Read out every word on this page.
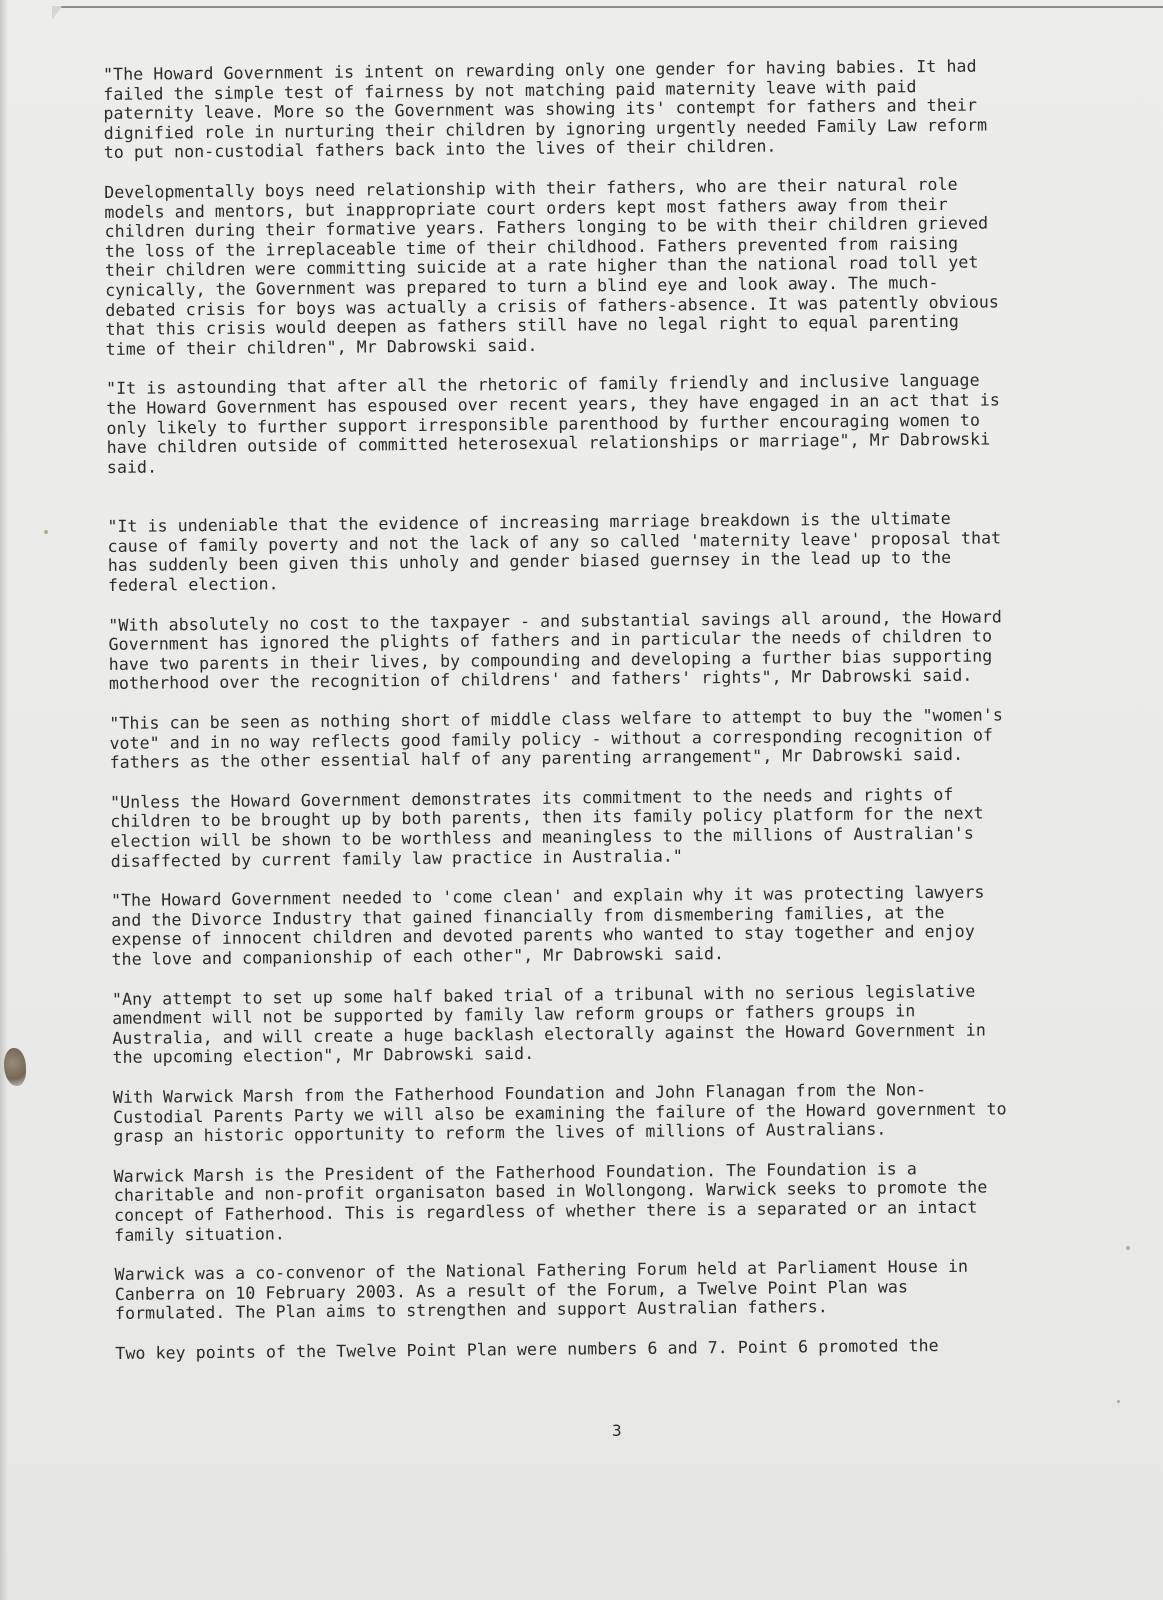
"The Howard Government is intent on rewarding only one gender for having babies. It had
failed the simple test of fairness by not matching paid maternity leave with paid
paternity leave. More so the Government was showing its' contempt for fathers and their
dignified role in nurturing their children by ignoring urgently needed Family Law reform
to put non-custodial fathers back into the lives of their children.

Developmentally boys need relationship with their fathers, who are their natural role
models and mentors, but inappropriate court orders kept most fathers away from their
children during their formative years. Fathers longing to be with their children grieved
the loss of the irreplaceable time of their childhood. Fathers prevented from raising
their children were committing suicide at a rate higher than the national road toll yet
cynically, the Government was prepared to turn a blind eye and look away. The much-
debated crisis for boys was actually a crisis of fathers-absence. It was patently obvious
that this crisis would deepen as fathers still have no legal right to equal parenting
time of their children", Mr Dabrowski said.

"It is astounding that after all the rhetoric of family friendly and inclusive language
the Howard Government has espoused over recent years, they have engaged in an act that is
only likely to further support irresponsible parenthood by further encouraging women to
have children outside of committed heterosexual relationships or marriage", Mr Dabrowski
said.

"It is undeniable that the evidence of increasing marriage breakdown is the ultimate
cause of family poverty and not the lack of any so called 'maternity leave' proposal that
has suddenly been given this unholy and gender biased guernsey in the lead up to the
federal election.

"With absolutely no cost to the taxpayer - and substantial savings all around, the Howard
Government has ignored the plights of fathers and in particular the needs of children to
have two parents in their lives, by compounding and developing a further bias supporting
motherhood over the recognition of childrens' and fathers' rights", Mr Dabrowski said.

"This can be seen as nothing short of middle class welfare to attempt to buy the "women's
vote" and in no way reflects good family policy - without a corresponding recognition of
fathers as the other essential half of any parenting arrangement", Mr Dabrowski said.

"Unless the Howard Government demonstrates its commitment to the needs and rights of
children to be brought up by both parents, then its family policy platform for the next
election will be shown to be worthless and meaningless to the millions of Australian's
disaffected by current family law practice in Australia."

"The Howard Government needed to 'come clean' and explain why it was protecting lawyers
and the Divorce Industry that gained financially from dismembering families, at the
expense of innocent children and devoted parents who wanted to stay together and enjoy
the love and companionship of each other", Mr Dabrowski said.

"Any attempt to set up some half baked trial of a tribunal with no serious legislative
amendment will not be supported by family law reform groups or fathers groups in
Australia, and will create a huge backlash electorally against the Howard Government in
the upcoming election", Mr Dabrowski said.

With Warwick Marsh from the Fatherhood Foundation and John Flanagan from the Non-
Custodial Parents Party we will also be examining the failure of the Howard government to
grasp an historic opportunity to reform the lives of millions of Australians.

Warwick Marsh is the President of the Fatherhood Foundation. The Foundation is a
charitable and non-profit organisaton based in Wollongong. Warwick seeks to promote the
concept of Fatherhood. This is regardless of whether there is a separated or an intact
family situation.

Warwick was a co-convenor of the National Fathering Forum held at Parliament House in
Canberra on 10 February 2003. As a result of the Forum, a Twelve Point Plan was
formulated. The Plan aims to strengthen and support Australian fathers.

Two key points of the Twelve Point Plan were numbers 6 and 7. Point 6 promoted the

3
